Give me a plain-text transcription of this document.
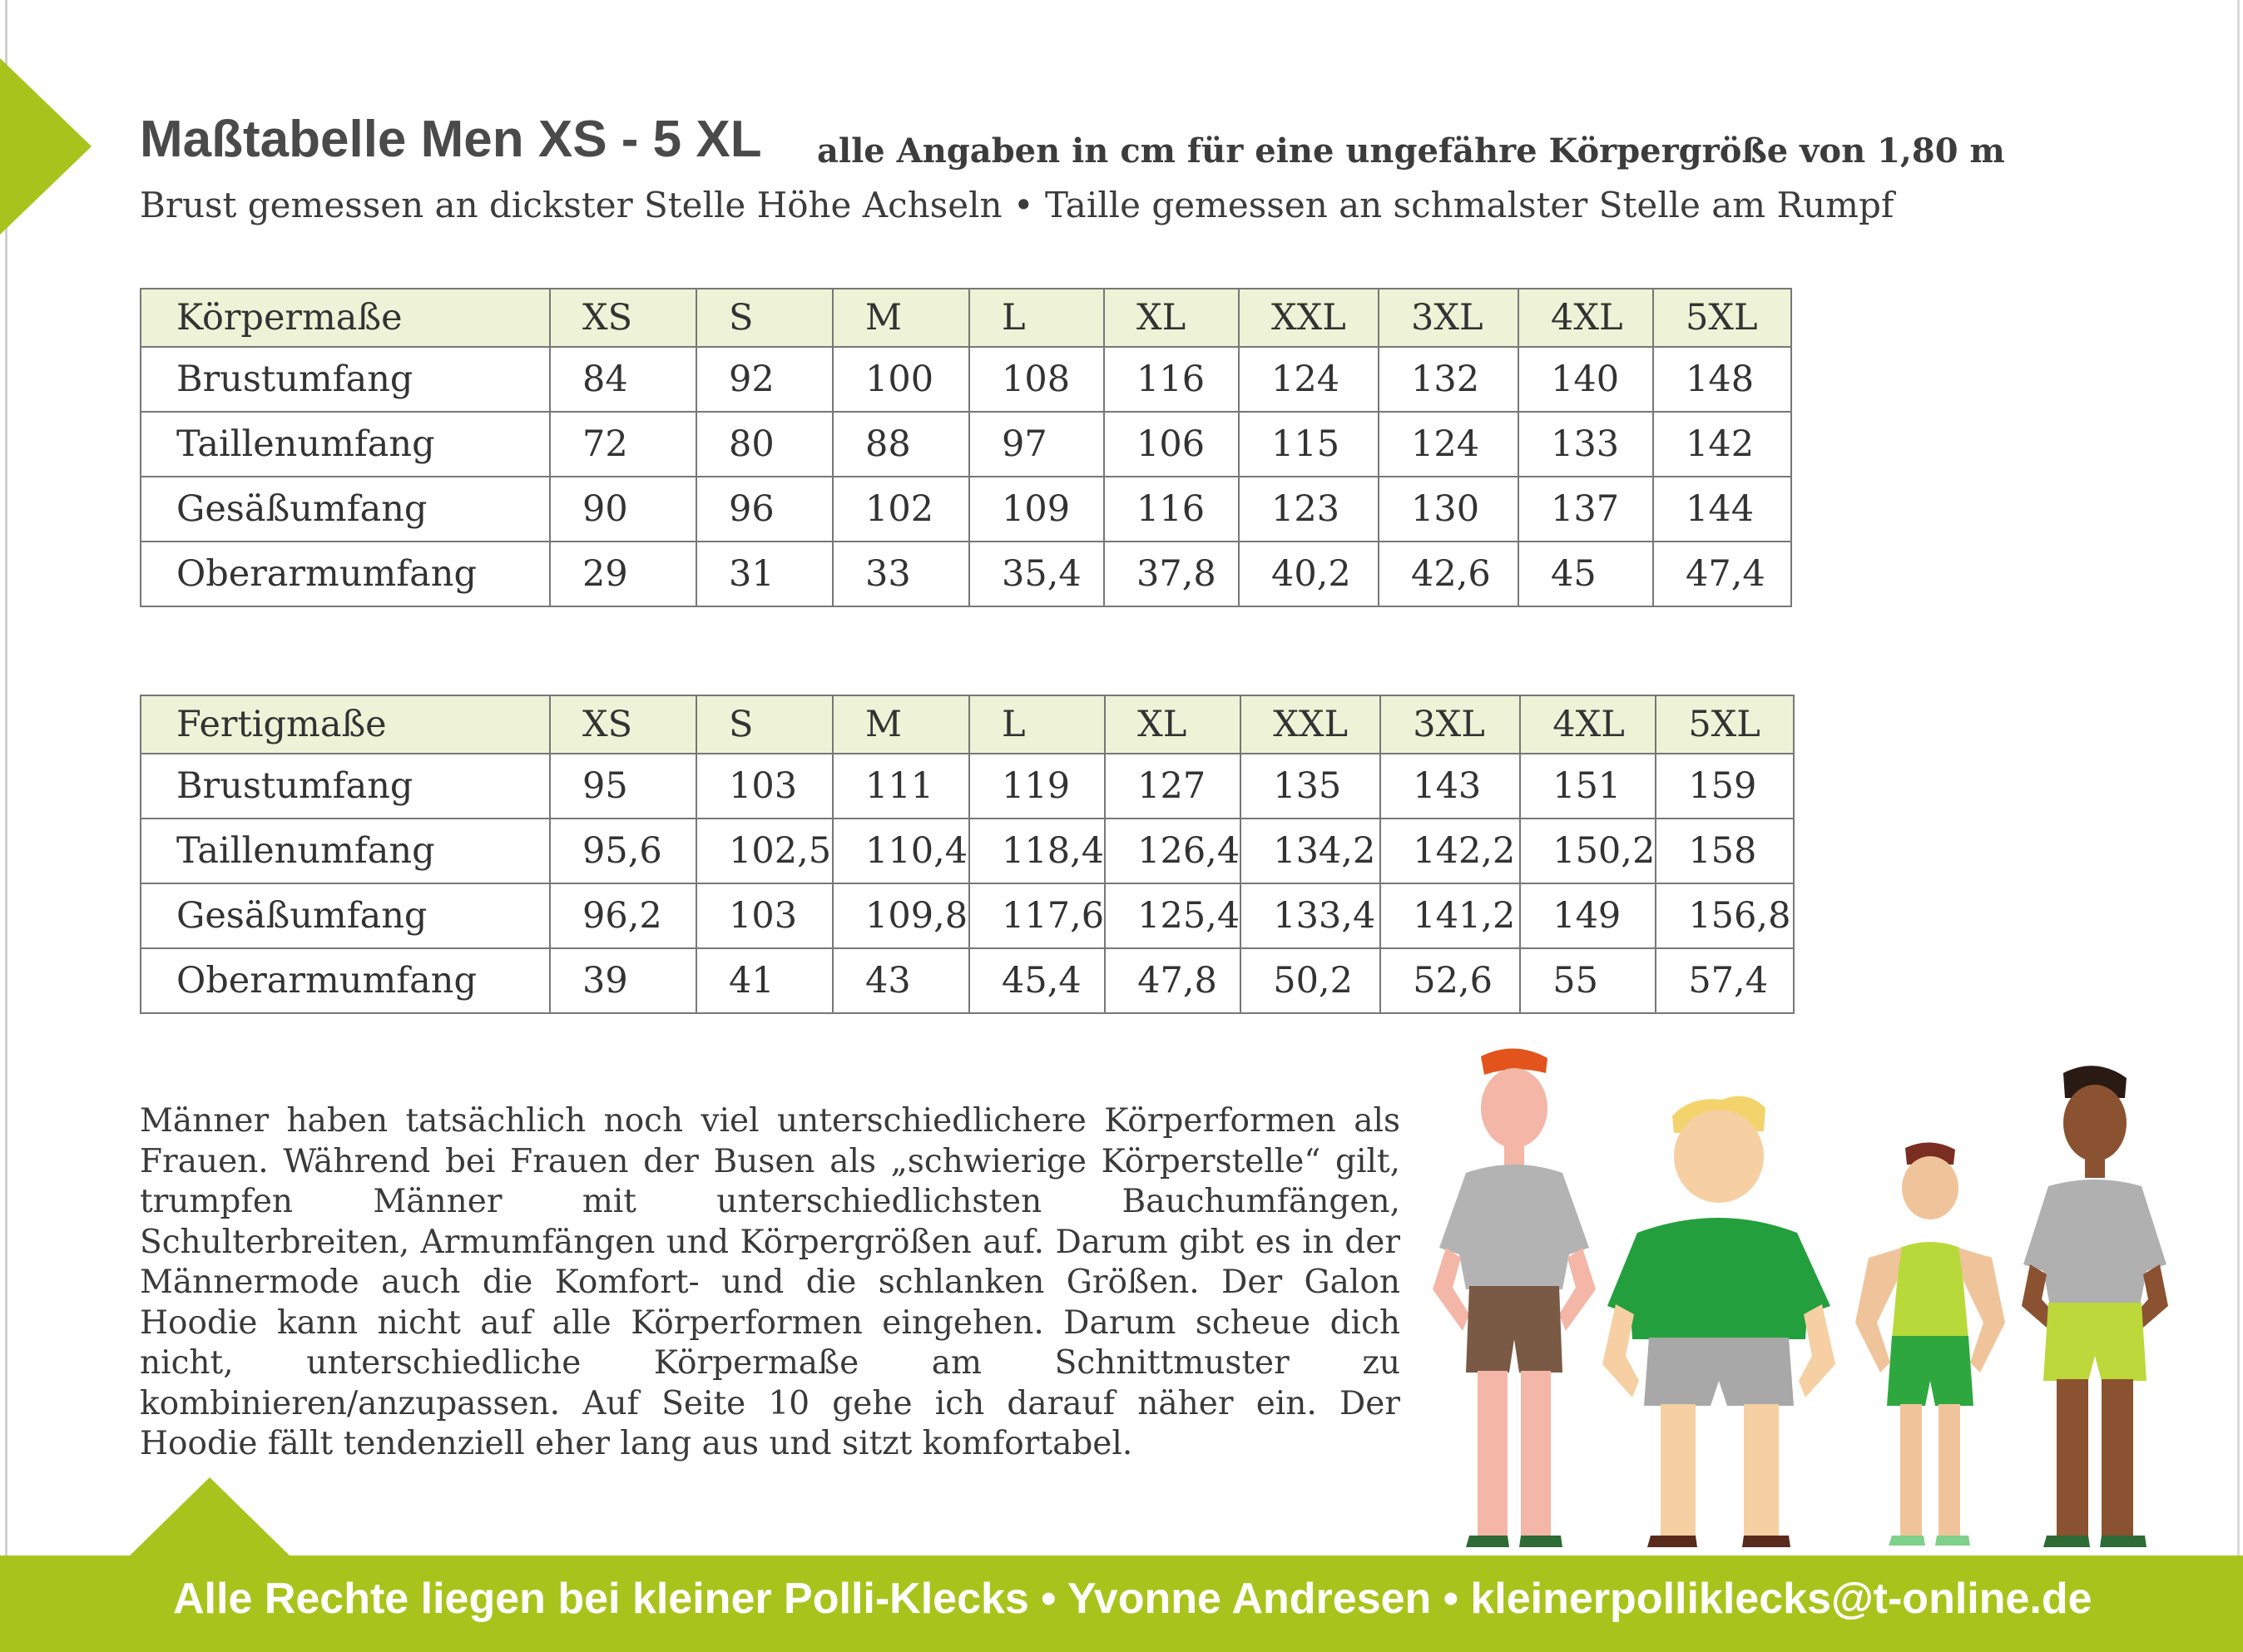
Maßtabelle Men XS - 5 XL alle Angaben in cm für eine ungefähre Körpergröße von 1,80 m
Brust gemessen an dickster Stelle Höhe Achseln • Taille gemessen an schmalster Stelle am Rumpf
Körpermaße	XS	S	M	L	XL	XXL	3XL	4XL	5XL
Brustumfang	84	92	100	108	116	124	132	140	148
Taillenumfang	72	80	88	97	106	115	124	133	142
Gesäßumfang	90	96	102	109	116	123	130	137	144
Oberarmumfang	29	31	33	35,4	37,8	40,2	42,6	45	47,4
Fertigmaße	XS	S	M	L	XL	XXL	3XL	4XL	5XL
Brustumfang	95	103	111	119	127	135	143	151	159
Taillenumfang	95,6	102,5	110,4	118,4	126,4	134,2	142,2	150,2	158
Gesäßumfang	96,2	103	109,8	117,6	125,4	133,4	141,2	149	156,8
Oberarmumfang	39	41	43	45,4	47,8	50,2	52,6	55	57,4

Männer haben tatsächlich noch viel unterschiedlichere Körperformen als Frauen. Während bei Frauen der Busen als „schwierige Körperstelle“ gilt, trumpfen Männer mit unterschiedlichsten Bauchumfängen, Schulterbreiten, Armumfängen und Körpergrößen auf. Darum gibt es in der Männermode auch die Komfort- und die schlanken Größen. Der Galon Hoodie kann nicht auf alle Körperformen eingehen. Darum scheue dich nicht, unterschiedliche Körpermaße am Schnittmuster zu kombinieren/anzupassen. Auf Seite 10 gehe ich darauf näher ein. Der Hoodie fällt tendenziell eher lang aus und sitzt komfortabel.

Alle Rechte liegen bei kleiner Polli-Klecks • Yvonne Andresen • kleinerpolliklecks@t-online.de
